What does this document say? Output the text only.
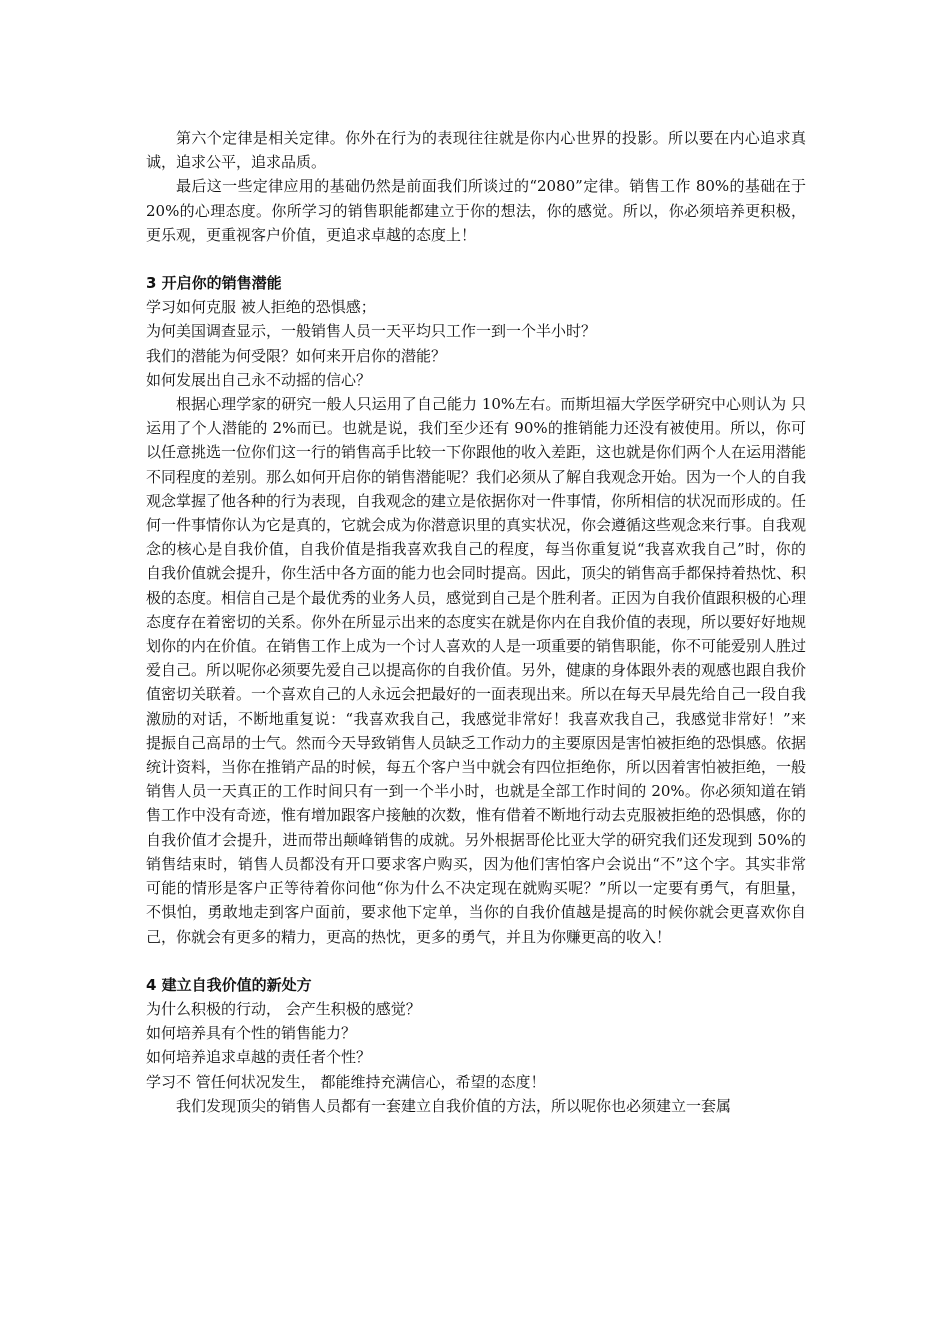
第六个定律是相关定律。你外在行为的表现往往就是你内心世界的投影。所以要在内心追求真诚，追求公平，追求品质。

最后这一些定律应用的基础仍然是前面我们所谈过的“2080”定律。销售工作 80%的基础在于 20%的心理态度。你所学习的销售职能都建立于你的想法，你的感觉。所以，你必须培养更积极，更乐观，更重视客户价值，更追求卓越的态度上！

3 开启你的销售潜能

学习如何克服 被人拒绝的恐惧感；

为何美国调查显示，一般销售人员一天平均只工作一到一个半小时？

我们的潜能为何受限？如何来开启你的潜能？

如何发展出自己永不动摇的信心？

根据心理学家的研究一般人只运用了自己能力 10%左右。而斯坦福大学医学研究中心则认为 只运用了个人潜能的 2%而已。也就是说，我们至少还有 90%的推销能力还没有被使用。所以，你可以任意挑选一位你们这一行的销售高手比较一下你跟他的收入差距，这也就是你们两个人在运用潜能不同程度的差别。那么如何开启你的销售潜能呢？我们必须从了解自我观念开始。因为一个人的自我观念掌握了他各种的行为表现，自我观念的建立是依据你对一件事情，你所相信的状况而形成的。任何一件事情你认为它是真的，它就会成为你潜意识里的真实状况，你会遵循这些观念来行事。自我观念的核心是自我价值，自我价值是指我喜欢我自己的程度，每当你重复说“我喜欢我自己”时，你的自我价值就会提升，你生活中各方面的能力也会同时提高。因此，顶尖的销售高手都保持着热忱、积极的态度。相信自己是个最优秀的业务人员，感觉到自己是个胜利者。正因为自我价值跟积极的心理态度存在着密切的关系。你外在所显示出来的态度实在就是你内在自我价值的表现，所以要好好地规划你的内在价值。在销售工作上成为一个讨人喜欢的人是一项重要的销售职能，你不可能爱别人胜过爱自己。所以呢你必须要先爱自己以提高你的自我价值。另外，健康的身体跟外表的观感也跟自我价值密切关联着。一个喜欢自己的人永远会把最好的一面表现出来。所以在每天早晨先给自己一段自我激励的对话，不断地重复说：“我喜欢我自己，我感觉非常好！我喜欢我自己，我感觉非常好！”来提振自己高昂的士气。然而今天导致销售人员缺乏工作动力的主要原因是害怕被拒绝的恐惧感。依据统计资料，当你在推销产品的时候，每五个客户当中就会有四位拒绝你，所以因着害怕被拒绝，一般销售人员一天真正的工作时间只有一到一个半小时，也就是全部工作时间的 20%。你必须知道在销售工作中没有奇迹，惟有增加跟客户接触的次数，惟有借着不断地行动去克服被拒绝的恐惧感，你的自我价值才会提升，进而带出颠峰销售的成就。另外根据哥伦比亚大学的研究我们还发现到 50%的销售结束时，销售人员都没有开口要求客户购买，因为他们害怕客户会说出“不”这个字。其实非常可能的情形是客户正等待着你问他“你为什么不决定现在就购买呢？”所以一定要有勇气，有胆量，不惧怕，勇敢地走到客户面前，要求他下定单，当你的自我价值越是提高的时候你就会更喜欢你自己，你就会有更多的精力，更高的热忱，更多的勇气，并且为你赚更高的收入！

4 建立自我价值的新处方

为什么积极的行动， 会产生积极的感觉？

如何培养具有个性的销售能力？

如何培养追求卓越的责任者个性？

学习不 管任何状况发生， 都能维持充满信心，希望的态度！

我们发现顶尖的销售人员都有一套建立自我价值的方法，所以呢你也必须建立一套属
